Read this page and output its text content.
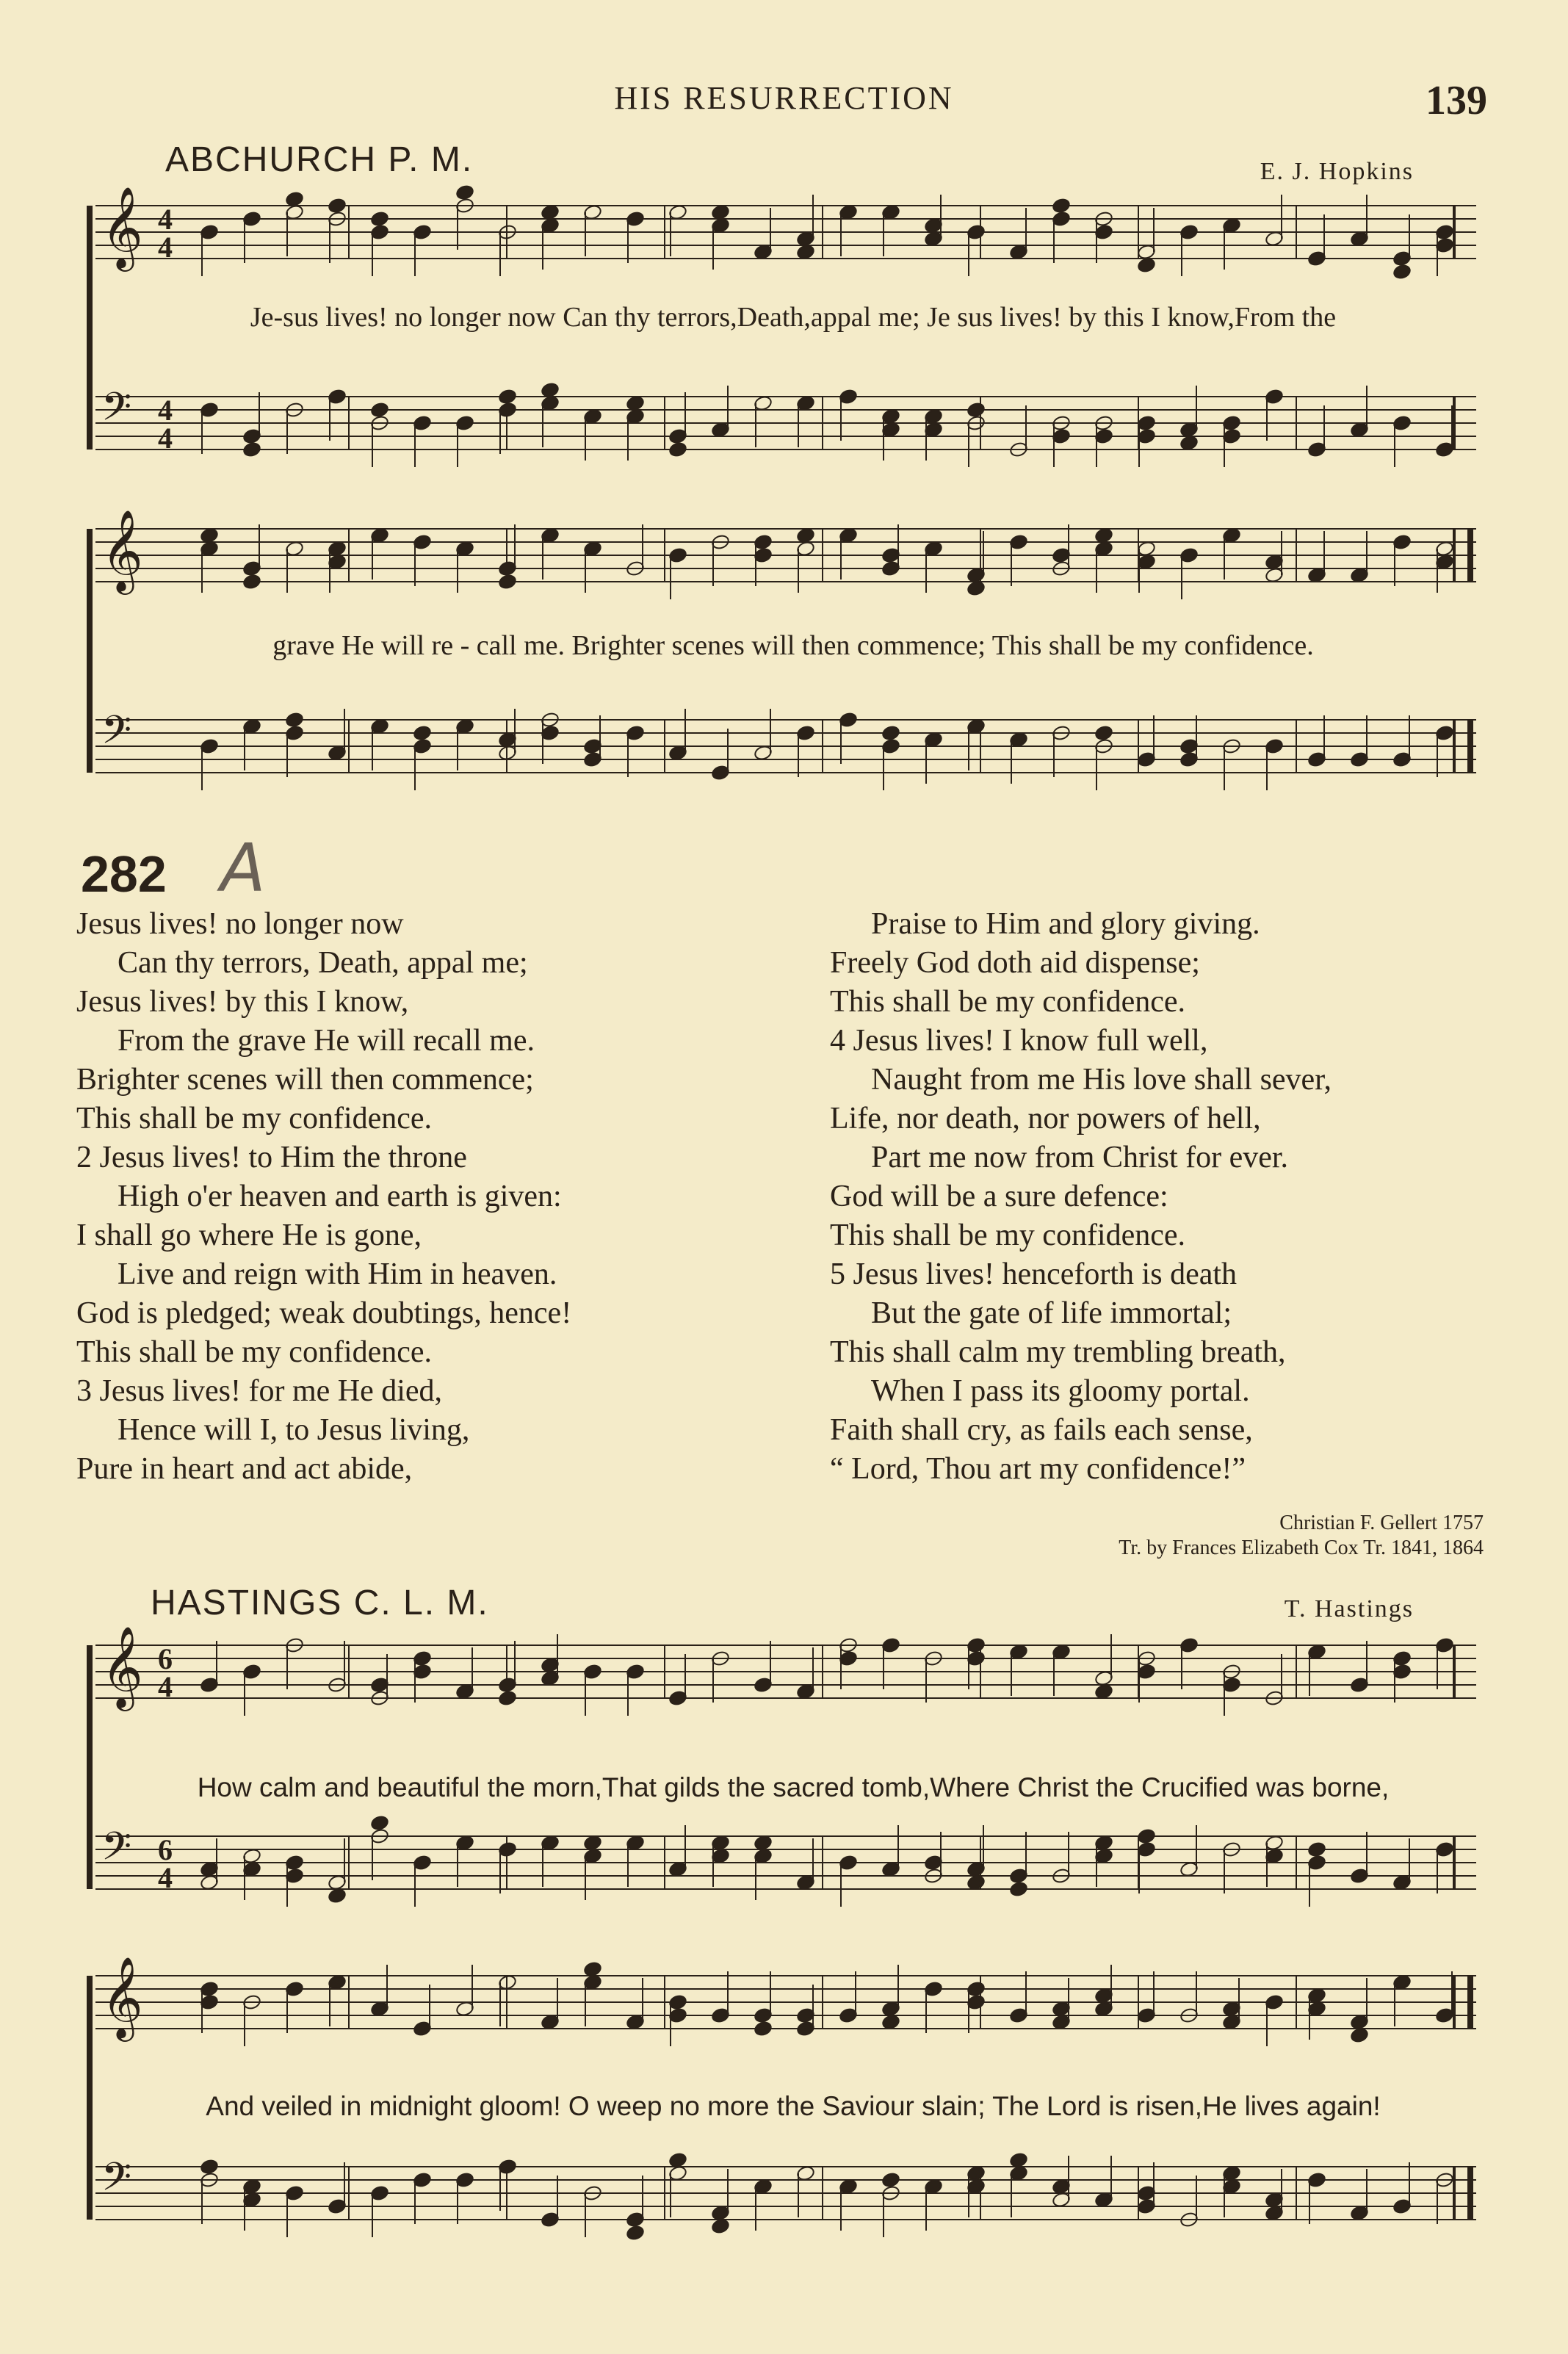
HIS RESURRECTION	139
ABCHURCH P. M.	E. J. Hopkins
𝄞 4
4
𝄢 4
4
Je-sus lives! no longer now Can thy terrors,Death,appal me; Je sus lives! by this I know,From the
𝄞
𝄢
grave He will re - call me. Brighter scenes will then commence; This shall be my confidence.
282 A
Jesus lives! no longer now
Can thy terrors, Death, appal me;
Jesus lives! by this I know,
From the grave He will recall me.
Brighter scenes will then commence;
This shall be my confidence.
2 Jesus lives! to Him the throne
High o'er heaven and earth is given:
I shall go where He is gone,
Live and reign with Him in heaven.
God is pledged; weak doubtings, hence!
This shall be my confidence.
3 Jesus lives! for me He died,
Hence will I, to Jesus living,
Pure in heart and act abide,
Praise to Him and glory giving.
Freely God doth aid dispense;
This shall be my confidence.
4 Jesus lives! I know full well,
Naught from me His love shall sever,
Life, nor death, nor powers of hell,
Part me now from Christ for ever.
God will be a sure defence:
This shall be my confidence.
5 Jesus lives! henceforth is death
But the gate of life immortal;
This shall calm my trembling breath,
When I pass its gloomy portal.
Faith shall cry, as fails each sense,
“ Lord, Thou art my confidence!”
Christian F. Gellert 1757
Tr. by Frances Elizabeth Cox Tr. 1841, 1864
HASTINGS C. L. M.	T. Hastings
𝄞 6
4
𝄢 6
4
How calm and beautiful the morn,That gilds the sacred tomb,Where Christ the Crucified was borne,
𝄞
𝄢
And veiled in midnight gloom! O weep no more the Saviour slain; The Lord is risen,He lives again!
